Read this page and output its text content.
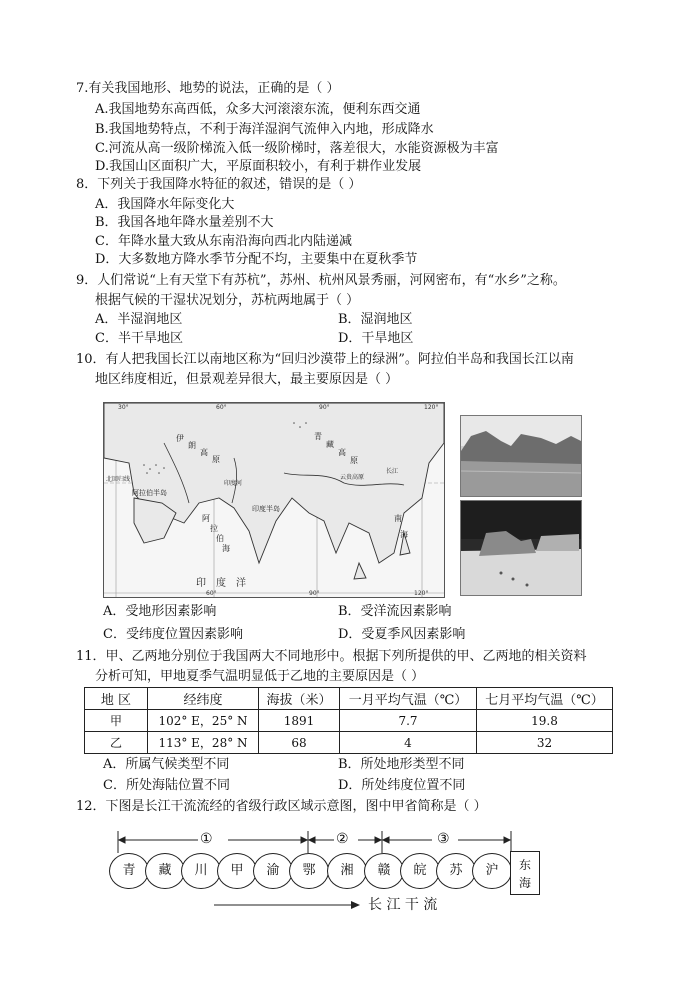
7.有关我国地形、地势的说法，正确的是（ ）
A.我国地势东高西低，众多大河滚滚东流，便利东西交通
B.我国地势特点，不利于海洋湿润气流伸入内地，形成降水
C.河流从高一级阶梯流入低一级阶梯时，落差很大，水能资源极为丰富
D.我国山区面积广大，平原面积较小，有利于耕作业发展
8．下列关于我国降水特征的叙述，错误的是（ ）
A．我国降水年际变化大
B．我国各地年降水量差别不大
C．年降水量大致从东南沿海向西北内陆递减
D．大多数地方降水季节分配不均，主要集中在夏秋季节
9．人们常说“上有天堂下有苏杭”，苏州、杭州风景秀丽，河网密布，有“水乡”之称。
根据气候的干湿状况划分，苏杭两地属于（ ）
A．半湿润地区	B．湿润地区
C．半干旱地区	D．干旱地区
10．有人把我国长江以南地区称为“回归沙漠带上的绿洲”。阿拉伯半岛和我国长江以南
地区纬度相近，但景观差异很大，最主要原因是（ ）
伊
朗
高
原
青
藏
高
原
阿拉伯半岛
印度半岛
阿
拉
伯
海
印 度 洋
北回归线	云贵高原
南
海
长江
印度河
30°	60°	90°	120°
120°
60°	90°
A．受地形因素影响	B．受洋流因素影响
C．受纬度位置因素影响	D．受夏季风因素影响
11．甲、乙两地分别位于我国两大不同地形中。根据下列所提供的甲、乙两地的相关资料
分析可知，甲地夏季气温明显低于乙地的主要原因是（ ）
地 区	经纬度	海拔（米）	一月平均气温（℃）	七月平均气温（℃）
甲	102° E，25° N	1891	7.7	19.8
乙	113° E，28° N	68	4	32
A．所属气候类型不同	B．所处地形类型不同
C．所处海陆位置不同	D．所处纬度位置不同
12．下图是长江干流流经的省级行政区域示意图，图中甲省简称是（ ）
①	②	③
青	藏	川	甲	渝	鄂	湘	赣	皖	苏	沪	东
海
长 江 干 流
